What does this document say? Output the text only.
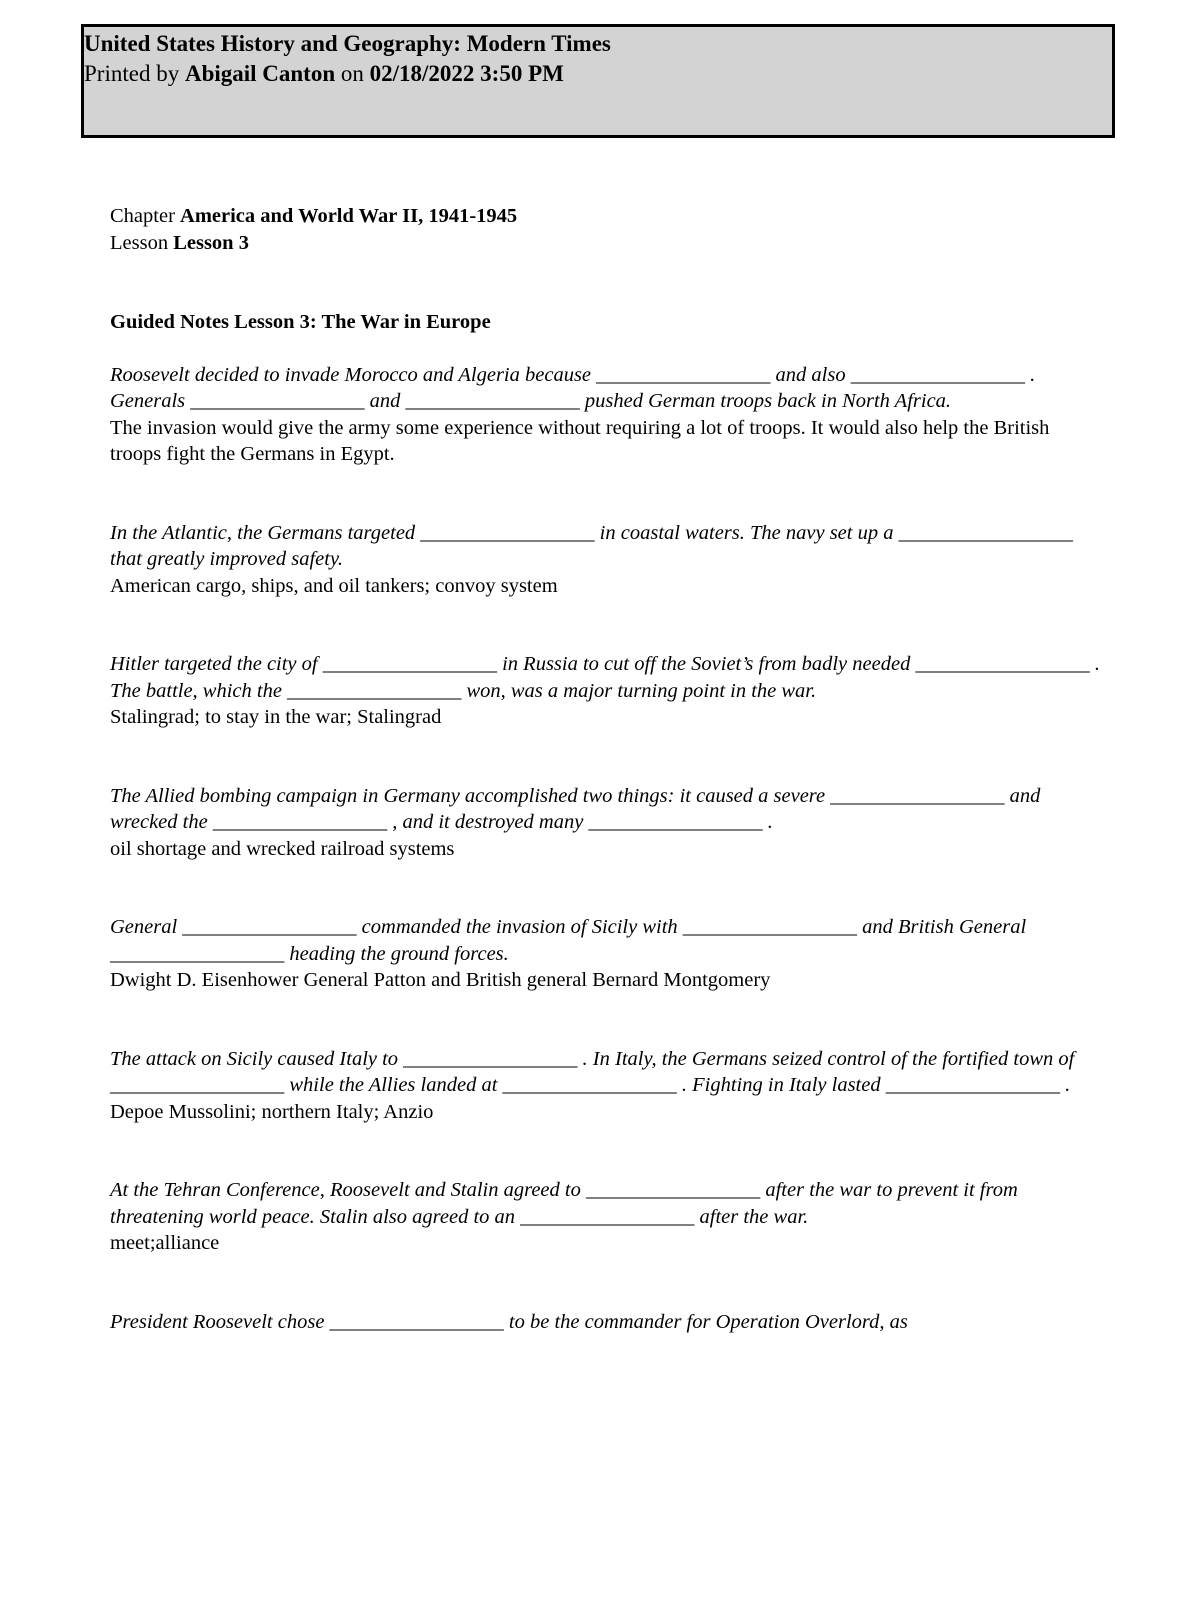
United States History and Geography: Modern Times
Printed by Abigail Canton on 02/18/2022 3:50 PM
Chapter America and World War II, 1941-1945
Lesson Lesson 3
Guided Notes Lesson 3: The War in Europe
Roosevelt decided to invade Morocco and Algeria because _________________ and also _________________ . Generals _________________ and _________________ pushed German troops back in North Africa.
The invasion would give the army some experience without requiring a lot of troops. It would also help the British troops fight the Germans in Egypt.
In the Atlantic, the Germans targeted _________________ in coastal waters. The navy set up a _________________ that greatly improved safety.
American cargo, ships, and oil tankers; convoy system
Hitler targeted the city of _________________ in Russia to cut off the Soviet’s from badly needed _________________ . The battle, which the _________________ won, was a major turning point in the war.
Stalingrad; to stay in the war; Stalingrad
The Allied bombing campaign in Germany accomplished two things: it caused a severe _________________ and wrecked the _________________ , and it destroyed many _________________ .
oil shortage and wrecked railroad systems
General _________________ commanded the invasion of Sicily with _________________ and British General _________________ heading the ground forces.
Dwight D. Eisenhower General Patton and British general Bernard Montgomery
The attack on Sicily caused Italy to _________________ . In Italy, the Germans seized control of the fortified town of _________________ while the Allies landed at _________________ . Fighting in Italy lasted _________________ .
Depoe Mussolini; northern Italy; Anzio
At the Tehran Conference, Roosevelt and Stalin agreed to _________________ after the war to prevent it from threatening world peace. Stalin also agreed to an _________________ after the war.
meet;alliance
President Roosevelt chose _________________ to be the commander for Operation Overlord, as
